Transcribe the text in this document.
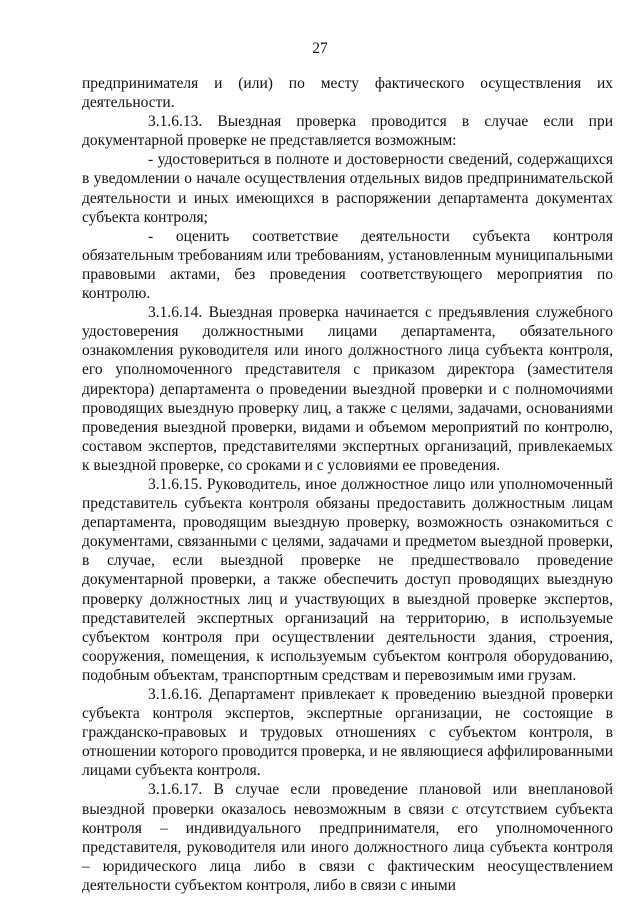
27

предпринимателя и (или) по месту фактического осуществления их деятельности.

3.1.6.13. Выездная проверка проводится в случае если при документарной проверке не представляется возможным:

- удостовериться в полноте и достоверности сведений, содержащихся в уведомлении о начале осуществления отдельных видов предпринимательской деятельности и иных имеющихся в распоряжении департамента документах субъекта контроля;

- оценить соответствие деятельности субъекта контроля обязательным требованиям или требованиям, установленным муниципальными правовыми актами, без проведения соответствующего мероприятия по контролю.

3.1.6.14. Выездная проверка начинается с предъявления служебного удостоверения должностными лицами департамента, обязательного ознакомления руководителя или иного должностного лица субъекта контроля, его уполномоченного представителя с приказом директора (заместителя директора) департамента о проведении выездной проверки и с полномочиями проводящих выездную проверку лиц, а также с целями, задачами, основаниями проведения выездной проверки, видами и объемом мероприятий по контролю, составом экспертов, представителями экспертных организаций, привлекаемых к выездной проверке, со сроками и с условиями ее проведения.

3.1.6.15. Руководитель, иное должностное лицо или уполномоченный представитель субъекта контроля обязаны предоставить должностным лицам департамента, проводящим выездную проверку, возможность ознакомиться с документами, связанными с целями, задачами и предметом выездной проверки, в случае, если выездной проверке не предшествовало проведение документарной проверки, а также обеспечить доступ проводящих выездную проверку должностных лиц и участвующих в выездной проверке экспертов, представителей экспертных организаций на территорию, в используемые субъектом контроля при осуществлении деятельности здания, строения, сооружения, помещения, к используемым субъектом контроля оборудованию, подобным объектам, транспортным средствам и перевозимым ими грузам.

3.1.6.16. Департамент привлекает к проведению выездной проверки субъекта контроля экспертов, экспертные организации, не состоящие в гражданско-правовых и трудовых отношениях с субъектом контроля, в отношении которого проводится проверка, и не являющиеся аффилированными лицами субъекта контроля.

3.1.6.17. В случае если проведение плановой или внеплановой выездной проверки оказалось невозможным в связи с отсутствием субъекта контроля – индивидуального предпринимателя, его уполномоченного представителя, руководителя или иного должностного лица субъекта контроля – юридического лица либо в связи с фактическим неосуществлением деятельности субъектом контроля, либо в связи с иными
